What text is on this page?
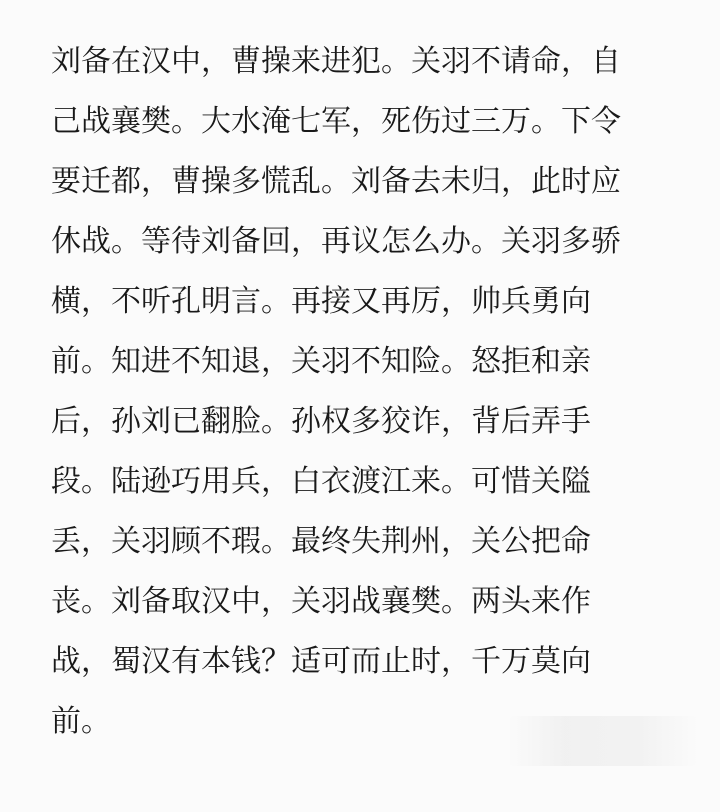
刘备在汉中，曹操来进犯。关羽不请命，自
己战襄樊。大水淹七军，死伤过三万。下令
要迁都，曹操多慌乱。刘备去未归，此时应
休战。等待刘备回，再议怎么办。关羽多骄
横，不听孔明言。再接又再厉，帅兵勇向
前。知进不知退，关羽不知险。怒拒和亲
后，孙刘已翻脸。孙权多狡诈，背后弄手
段。陆逊巧用兵，白衣渡江来。可惜关隘
丢，关羽顾不瑕。最终失荆州，关公把命
丧。刘备取汉中，关羽战襄樊。两头来作
战，蜀汉有本钱？适可而止时，千万莫向
前。
